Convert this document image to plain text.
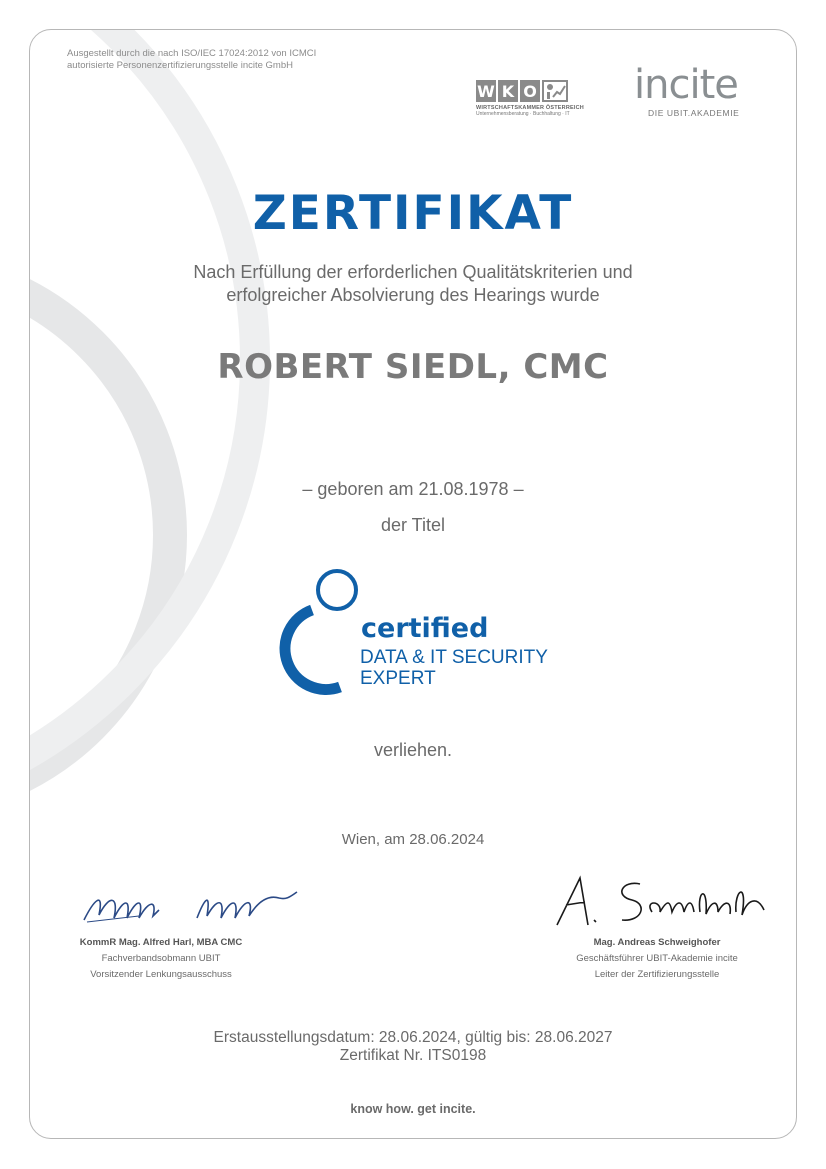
Ausgestellt durch die nach ISO/IEC 17024:2012 von ICMCI
autorisierte Personenzertifizierungsstelle incite GmbH
W K O
WIRTSCHAFTSKAMMER ÖSTERREICH
Unternehmensberatung · Buchhaltung · IT
incite
DIE UBIT.AKADEMIE
ZERTIFIKAT
Nach Erfüllung der erforderlichen Qualitätskriterien und
erfolgreicher Absolvierung des Hearings wurde
ROBERT SIEDL, CMC
– geboren am 21.08.1978 –
der Titel
certified
DATA & IT SECURITY
EXPERT
verliehen.
Wien, am 28.06.2024
KommR Mag. Alfred Harl, MBA CMC
Fachverbandsobmann UBIT
Vorsitzender Lenkungsausschuss
Mag. Andreas Schweighofer
Geschäftsführer UBIT-Akademie incite
Leiter der Zertifizierungsstelle
Erstausstellungsdatum: 28.06.2024, gültig bis: 28.06.2027
Zertifikat Nr. ITS0198
know how. get incite.
